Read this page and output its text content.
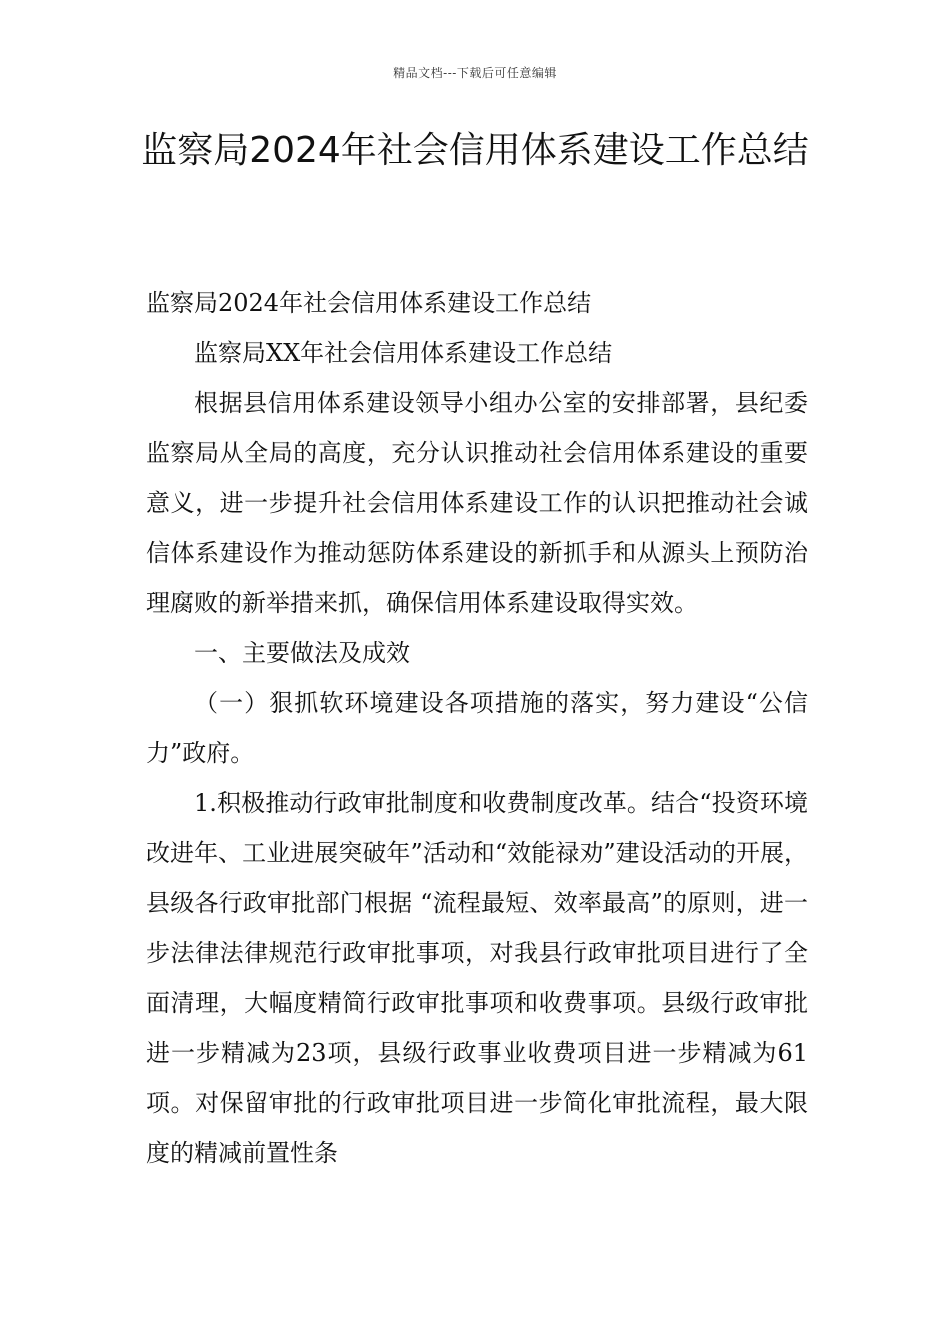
精品文档---下载后可任意编辑
监察局2024年社会信用体系建设工作总结

监察局2024年社会信用体系建设工作总结

监察局XX年社会信用体系建设工作总结

根据县信用体系建设领导小组办公室的安排部署，县纪委监察局从全局的高度，充分认识推动社会信用体系建设的重要意义，进一步提升社会信用体系建设工作的认识把推动社会诚信体系建设作为推动惩防体系建设的新抓手和从源头上预防治理腐败的新举措来抓，确保信用体系建设取得实效。

一、主要做法及成效

（一）狠抓软环境建设各项措施的落实，努力建设“公信力”政府。

1.积极推动行政审批制度和收费制度改革。结合“投资环境改进年、工业进展突破年”活动和“效能禄劝”建设活动的开展，县级各行政审批部门根据 “流程最短、效率最高”的原则，进一步法律法律规范行政审批事项，对我县行政审批项目进行了全面清理，大幅度精简行政审批事项和收费事项。县级行政审批进一步精减为23项，县级行政事业收费项目进一步精减为61项。对保留审批的行政审批项目进一步简化审批流程，最大限度的精减前置性条
